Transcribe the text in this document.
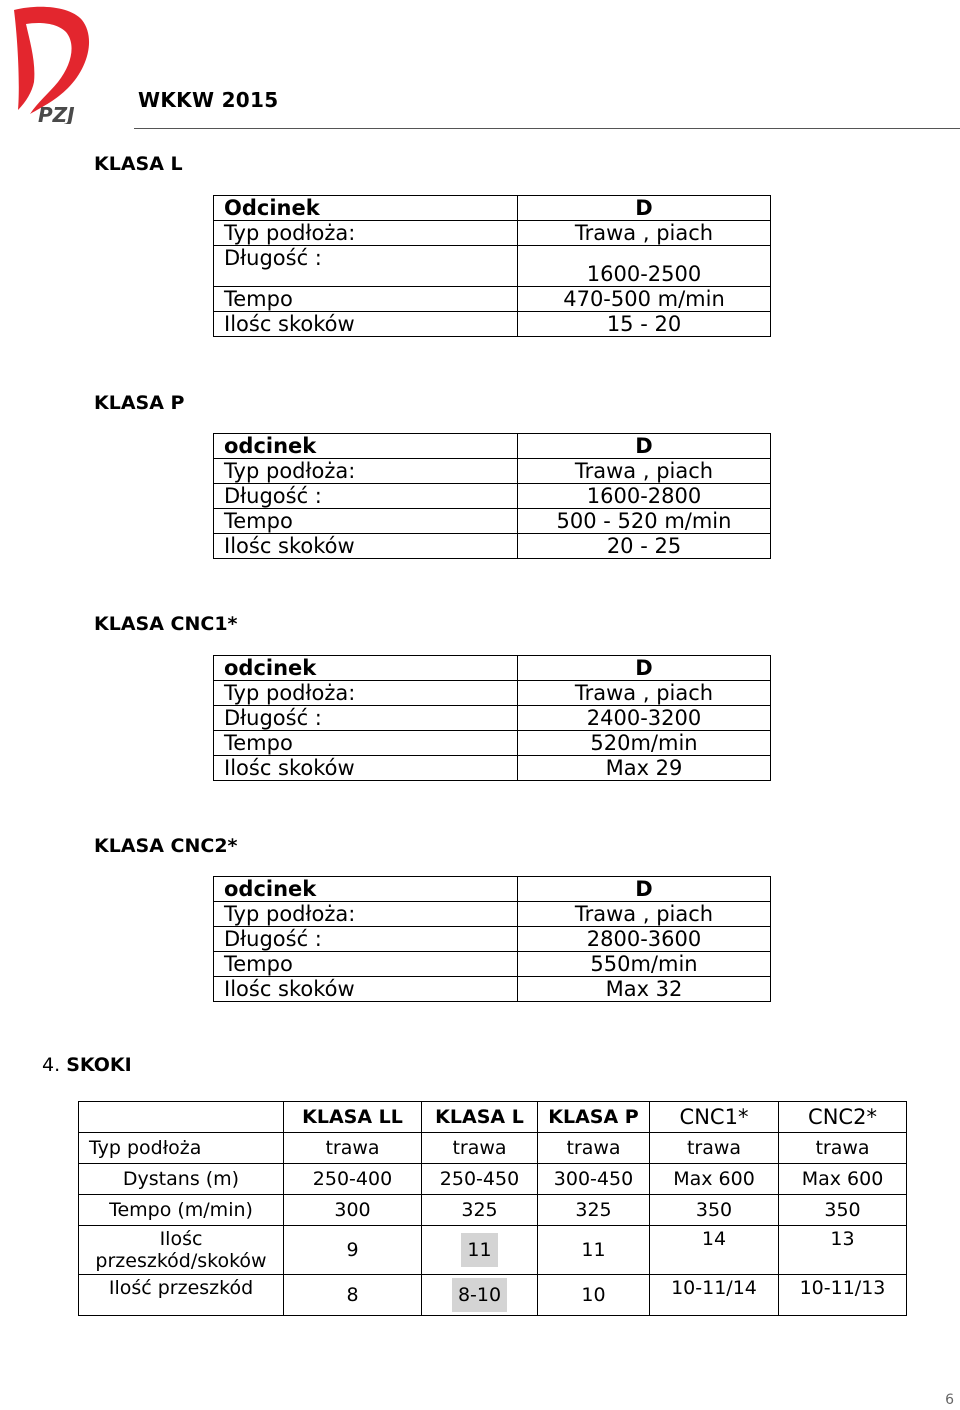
PZJ
WKKW 2015
KLASA L
Odcinek	D
Typ podłoża:	Trawa , piach
Długość :	1600-2500
Tempo	470-500 m/min
Ilośc skoków	15 - 20
KLASA P
odcinek	D
Typ podłoża:	Trawa , piach
Długość :	1600-2800
Tempo	500 - 520 m/min
Ilośc skoków	20 - 25
KLASA CNC1*
odcinek	D
Typ podłoża:	Trawa , piach
Długość :	2400-3200
Tempo	520m/min
Ilośc skoków	Max 29
KLASA CNC2*
odcinek	D
Typ podłoża:	Trawa , piach
Długość :	2800-3600
Tempo	550m/min
Ilośc skoków	Max 32
4. SKOKI
	KLASA LL	KLASA L	KLASA P	CNC1*	CNC2*
Typ podłoża	trawa	trawa	trawa	trawa	trawa
Dystans (m)	250-400	250-450	300-450	Max 600	Max 600
Tempo (m/min)	300	325	325	350	350

Ilośc
przeszkód/skoków	9	11	11	14	13
Ilość przeszkód	8	8-10	10	10-11/14	10-11/13
6
